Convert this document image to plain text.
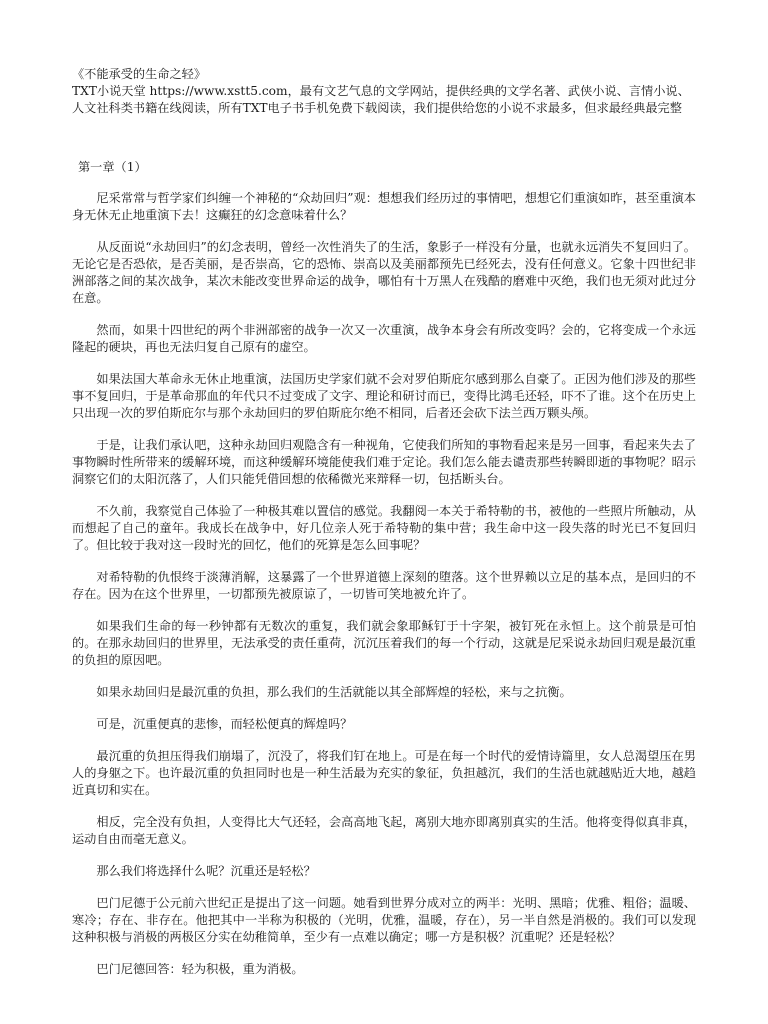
《不能承受的生命之轻》
TXT小说天堂 https://www.xstt5.com，最有文艺气息的文学网站，提供经典的文学名著、武侠小说、言情小说、人文社科类书籍在线阅读，所有TXT电子书手机免费下载阅读，我们提供给您的小说不求最多，但求最经典最完整
第一章（1）

尼采常常与哲学家们纠缠一个神秘的“众劫回归”观：想想我们经历过的事情吧，想想它们重演如昨，甚至重演本身无休无止地重演下去！这癫狂的幻念意味着什么？

从反面说“永劫回归”的幻念表明，曾经一次性消失了的生活，象影子一样没有分量，也就永远消失不复回归了。无论它是否恐依，是否美丽，是否崇高，它的恐怖、崇高以及美丽都预先已经死去，没有任何意义。它象十四世纪非洲部落之间的某次战争，某次未能改变世界命运的战争，哪怕有十万黑人在残酷的磨难中灭绝，我们也无须对此过分在意。

然而，如果十四世纪的两个非洲部密的战争一次又一次重演，战争本身会有所改变吗？会的，它将变成一个永远隆起的硬块，再也无法归复自己原有的虚空。

如果法国大革命永无休止地重演，法国历史学家们就不会对罗伯斯庇尔感到那么自豪了。正因为他们涉及的那些事不复回归，于是革命那血的年代只不过变成了文字、理论和研讨而已，变得比鸿毛还轻，吓不了谁。这个在历史上只出现一次的罗伯斯庇尔与那个永劫回归的罗伯斯庇尔绝不相同，后者还会砍下法兰西万颗头颅。

于是，让我们承认吧，这种永劫回归观隐含有一种视角，它使我们所知的事物看起来是另一回事，看起来失去了事物瞬时性所带来的缓解环境，而这种缓解环境能使我们难于定论。我们怎么能去谴责那些转瞬即逝的事物呢？昭示洞察它们的太阳沉落了，人们只能凭借回想的依稀微光来辩释一切，包括断头台。

不久前，我察觉自己体验了一种极其难以置信的感觉。我翻阅一本关于希特勒的书，被他的一些照片所触动，从而想起了自己的童年。我成长在战争中，好几位亲人死于希特勒的集中营；我生命中这一段失落的时光已不复回归了。但比较于我对这一段时光的回忆，他们的死算是怎么回事呢？

对希特勒的仇恨终于淡薄消解，这暴露了一个世界道德上深刻的堕落。这个世界赖以立足的基本点，是回归的不存在。因为在这个世界里，一切都预先被原谅了，一切皆可笑地被允许了。

如果我们生命的每一秒钟都有无数次的重复，我们就会象耶稣钉于十字架，被钉死在永恒上。这个前景是可怕的。在那永劫回归的世界里，无法承受的责任重荷，沉沉压着我们的每一个行动，这就是尼采说永劫回归观是最沉重的负担的原因吧。

如果永劫回归是最沉重的负担，那么我们的生活就能以其全部辉煌的轻松，来与之抗衡。

可是，沉重便真的悲惨，而轻松便真的辉煌吗？

最沉重的负担压得我们崩塌了，沉没了，将我们钉在地上。可是在每一个时代的爱情诗篇里，女人总渴望压在男人的身躯之下。也许最沉重的负担同时也是一种生活最为充实的象征，负担越沉，我们的生活也就越贴近大地，越趋近真切和实在。

相反，完全没有负担，人变得比大气还轻，会高高地飞起，离别大地亦即离别真实的生活。他将变得似真非真，运动自由而毫无意义。

那么我们将选择什么呢？沉重还是轻松？

巴门尼德于公元前六世纪正是提出了这一问题。她看到世界分成对立的两半：光明、黑暗；优雅、粗俗；温暖、寒冷；存在、非存在。他把其中一半称为积极的（光明，优雅，温暖，存在），另一半自然是消极的。我们可以发现这种积极与消极的两极区分实在幼稚简单，至少有一点难以确定；哪一方是积极？沉重呢？还是轻松？

巴门尼德回答：轻为积极，重为消极。
